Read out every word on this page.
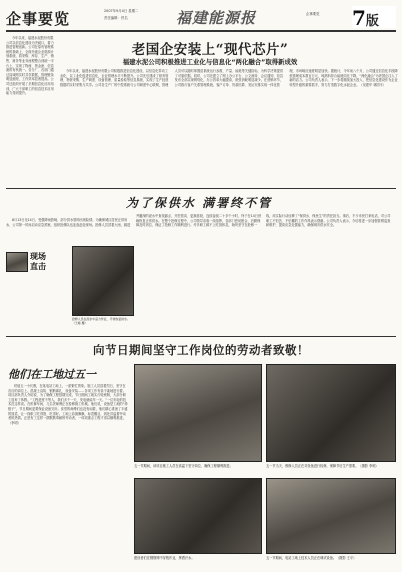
企事要览	2007年9月4日 星期二
责任编辑：佚名	福建能源报	企事要览 7版

今年以来，福建水泥股份有限公司以信息化建设为突破口，着力推进管理创新。公司在原有管理系统的基础上，全面升级企业资源计划系统，将采购、库存、生产、销售、财务等业务流程整合到统一平台上，实现了物流、资金流、信息流的有机统一。各分厂、各部门通过局域网实时共享数据，管理链条明显缩短，工作效率显著提高。公司还组织开展了多期信息化应用培训，广大干部职工的信息技术应用能力得到提升。

老国企安装上“现代芯片”
福建水泥公司积极推进工业化与信息化“两化融合”取得新成效

今年以来，福建水泥股份有限公司积极推进信息化建设，以信息化带动工业化，以工业化促进信息化，企业管理水平不断提升。公司先后建成了财务管理、物资采购、生产调度、设备管理、质量检验等信息系统，实现了生产经营数据的实时采集与共享。公司各生产厂的中控系统与公司调度中心联网，管理人员可以随时掌握窑系统运行参数、产量、能耗等关键指标，为科学决策提供了可靠依据。同时，公司还建立了网上办公平台，公文流转、会议通知、信息发布全部实现网络化，办公效率大幅提高，纸张消耗明显减少。在营销环节，公司推行客户关系管理系统，客户订单、货款结算、发运安排实现一体化管理，市场响应速度明显加快。据统计，今年前八个月，公司通过信息化手段降低管理成本数百万元，吨熟料综合能耗同比下降，“两化融合”为老国企注入了新的活力。公司负责人表示，下一步将继续加大投入，把信息化建设作为企业转型升级的重要抓手，努力打造数字化水泥企业。（吴建华 林国平）

为了保供水 满署终不管

8月13日至14日，受强降雨影响，部分供水管网出现险情。为确保城区居民正常用水，公司第一时间启动应急预案，组织抢修队伍连夜赶赴现场。抢修人员冒着大雨，跳进齐腰深的泥水中查找漏点，开挖管沟、更换管段，连续奋战二十多个小时，终于在14日傍晚恢复正常供水。在整个抢修过程中，公司领导亲临一线指挥，各部门密切配合，后勤保障及时到位，保证了抢修工作顺利进行。许多职工顾不上吃饭休息，始终坚守在抢修一线，用实际行动诠释了“保供水、保民生”的责任担当。事后，不少市民打来电话，对公司职工不怕苦、不怕累的工作作风表示感谢。公司负责人表示，今后将进一步加强管网巡查和维护，提高应急处置能力，确保城市供水安全。

现场
直击
抢修人员在泥水中奋力作业，尽快恢复供水。（王峰 摄）
向节日期间坚守工作岗位的劳动者致敬！
他们在工地过五一

时值五一小长假，在某电站工地上，一派繁忙景象。施工人员顶着烈日，坚守在各自的岗位上。混凝土浇筑、钢筋绑扎、设备安装……各项工作有条不紊地进行着。项目部负责人介绍说，为了确保工程按期完成，节日期间工地实行轮班制，大部分职工放弃了休假。“工程进度不等人，我们多干一天，发电就能早一天。”一位年轻的技术员这样说。在机修车间，几名老师傅正在检修施工机械。他们说，设备是工地的“命根子”，节日期间更要保证设备完好。食堂的师傅们也没有闲着，他们精心准备了丰盛的饭菜，让一线职工吃得饱、吃得好。工地上彩旗飘飘，标语醒目，到处洋溢着劳动者的热情。正是有了这样一群默默奉献的劳动者，一项项重点工程才得以顺利推进。（李明）

五一节期间，该项目施工人员在高温下坚守岗位，确保工程顺利推进。	五一节当天，维修人员正在对设备进行检修，保障节后生产需要。（摄影 李明）
建设者们在钢筋网中穿梭作业，挥洒汗水。	五一节期间，电站工地上技术人员正在调试设备。（摄影 王平）
